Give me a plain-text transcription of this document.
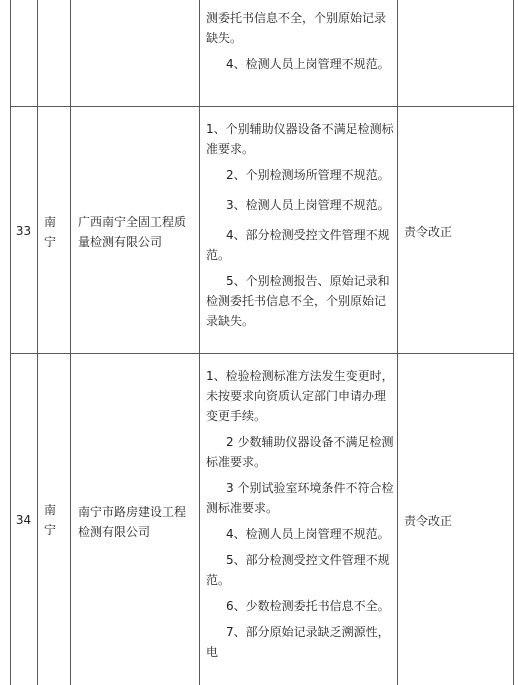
测委托书信息不全，个别原始记录缺失。

4、检测人员上岗管理不规范。

33
南宁
广西南宁全固工程质量检测有限公司

1、个别辅助仪器设备不满足检测标准要求。

2、个别检测场所管理不规范。

3、检测人员上岗管理不规范。

4、部分检测受控文件管理不规范。

5、个别检测报告、原始记录和检测委托书信息不全，个别原始记录缺失。

责令改正
34
南宁
南宁市路房建设工程检测有限公司

1、检验检测标准方法发生变更时，未按要求向资质认定部门申请办理变更手续。

2 少数辅助仪器设备不满足检测标准要求。

3 个别试验室环境条件不符合检测标准要求。

4、检测人员上岗管理不规范。

5、部分检测受控文件管理不规范。

6、少数检测委托书信息不全。

7、部分原始记录缺乏溯源性，电

责令改正
